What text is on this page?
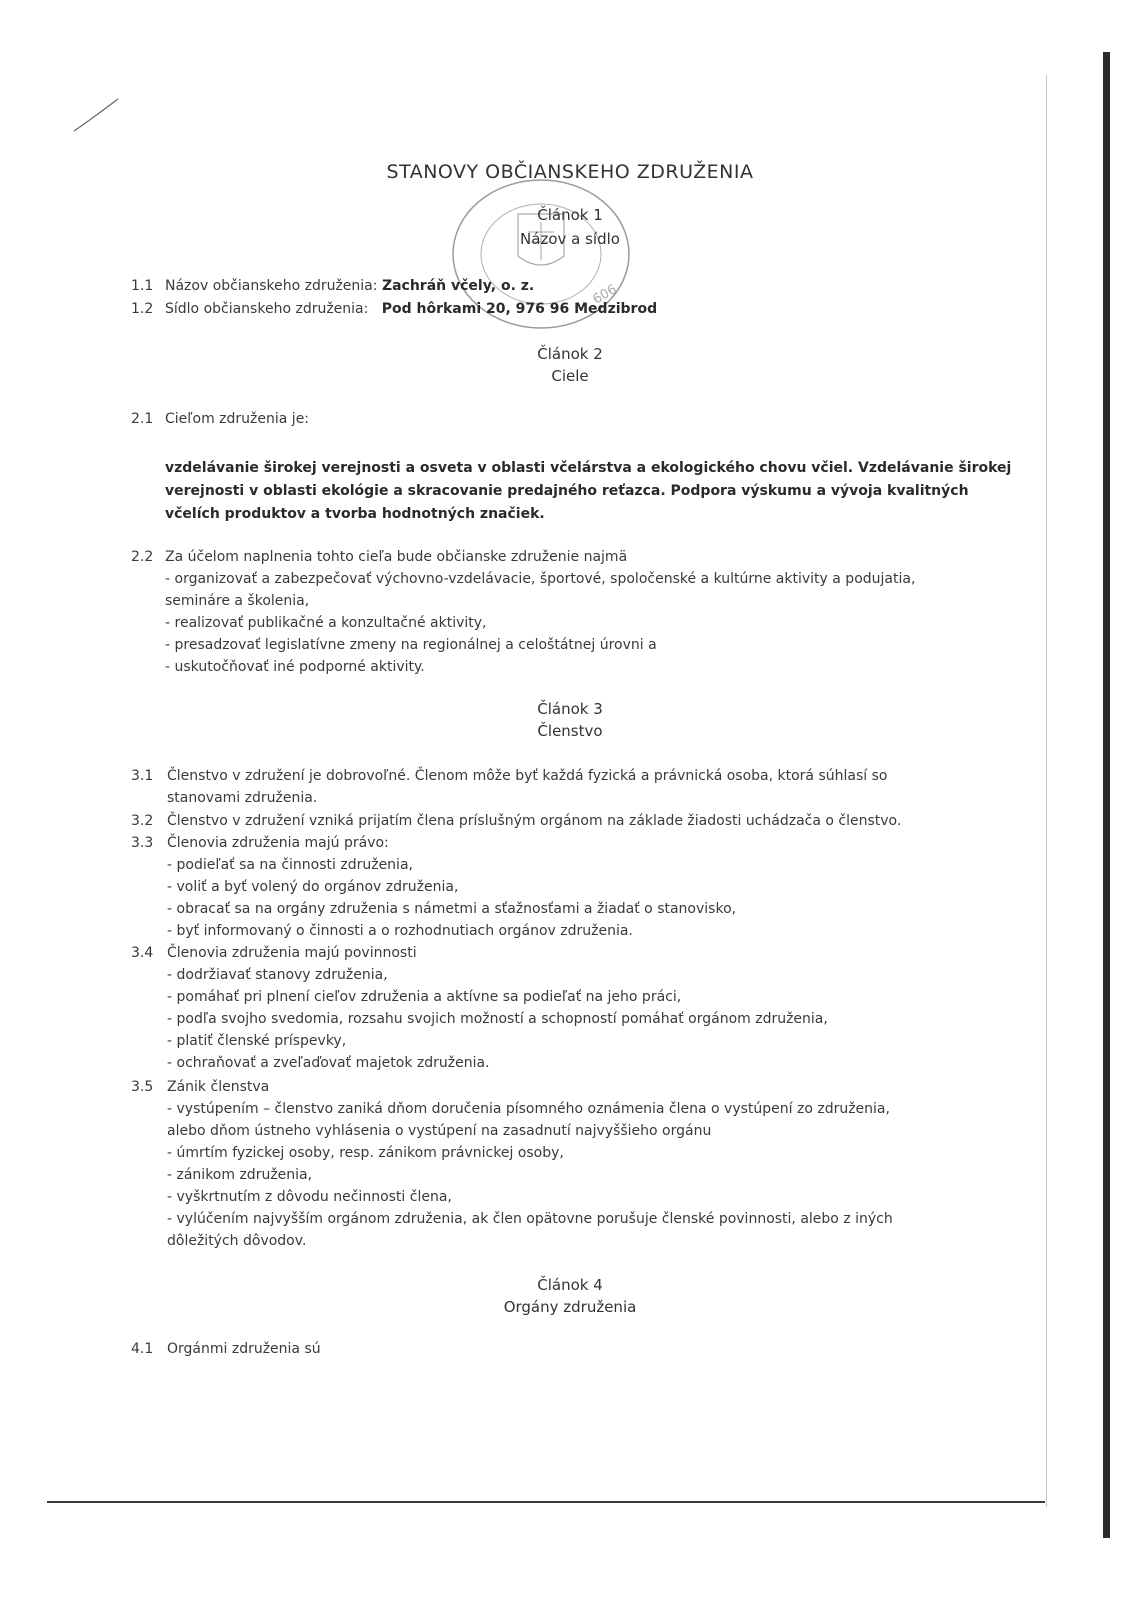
606
STANOVY OBČIANSKEHO ZDRUŽENIA
Článok 1
Názov a sídlo
1.1 Názov občianskeho združenia: Zachráň včely, o. z.
1.2 Sídlo občianskeho združenia: Pod hôrkami 20, 976 96 Medzibrod
Článok 2
Ciele
2.1 Cieľom združenia je:
vzdelávanie širokej verejnosti a osveta v oblasti včelárstva a ekologického chovu včiel. Vzdelávanie širokej
verejnosti v oblasti ekológie a skracovanie predajného reťazca. Podpora výskumu a vývoja kvalitných
včelích produktov a tvorba hodnotných značiek.
2.2 Za účelom naplnenia tohto cieľa bude občianske združenie najmä
- organizovať a zabezpečovať výchovno-vzdelávacie, športové, spoločenské a kultúrne aktivity a podujatia,
semináre a školenia,
- realizovať publikačné a konzultačné aktivity,
- presadzovať legislatívne zmeny na regionálnej a celoštátnej úrovni a
- uskutočňovať iné podporné aktivity.
Článok 3
Členstvo
3.1 Členstvo v združení je dobrovoľné. Členom môže byť každá fyzická a právnická osoba, ktorá súhlasí so
stanovami združenia.
3.2 Členstvo v združení vzniká prijatím člena príslušným orgánom na základe žiadosti uchádzača o členstvo.
3.3 Členovia združenia majú právo:
- podieľať sa na činnosti združenia,
- voliť a byť volený do orgánov združenia,
- obracať sa na orgány združenia s námetmi a sťažnosťami a žiadať o stanovisko,
- byť informovaný o činnosti a o rozhodnutiach orgánov združenia.
3.4 Členovia združenia majú povinnosti
- dodržiavať stanovy združenia,
- pomáhať pri plnení cieľov združenia a aktívne sa podieľať na jeho práci,
- podľa svojho svedomia, rozsahu svojich možností a schopností pomáhať orgánom združenia,
- platiť členské príspevky,
- ochraňovať a zveľaďovať majetok združenia.
3.5 Zánik členstva
- vystúpením – členstvo zaniká dňom doručenia písomného oznámenia člena o vystúpení zo združenia,
alebo dňom ústneho vyhlásenia o vystúpení na zasadnutí najvyššieho orgánu
- úmrtím fyzickej osoby, resp. zánikom právnickej osoby,
- zánikom združenia,
- vyškrtnutím z dôvodu nečinnosti člena,
- vylúčením najvyšším orgánom združenia, ak člen opätovne porušuje členské povinnosti, alebo z iných
dôležitých dôvodov.
Článok 4
Orgány združenia
4.1 Orgánmi združenia sú
